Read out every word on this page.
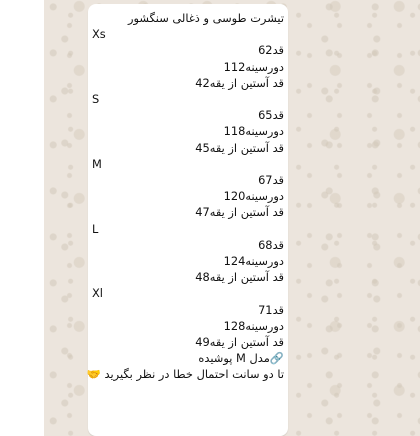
تیشرت طوسی و ذغالی سنگشور
Xs
قد62
دورسینه112
قد آستین از یقه42
S
قد65
دورسینه118
قد آستین از یقه45
M
قد67
دورسینه120
قد آستین از یقه47
L
قد68
دورسینه124
قد آستین از یقه48
Xl
قد71
دورسینه128
قد آستین از یقه49
🔗مدل M پوشیده
تا دو سانت احتمال خطا در نظر بگیرید 🤝
